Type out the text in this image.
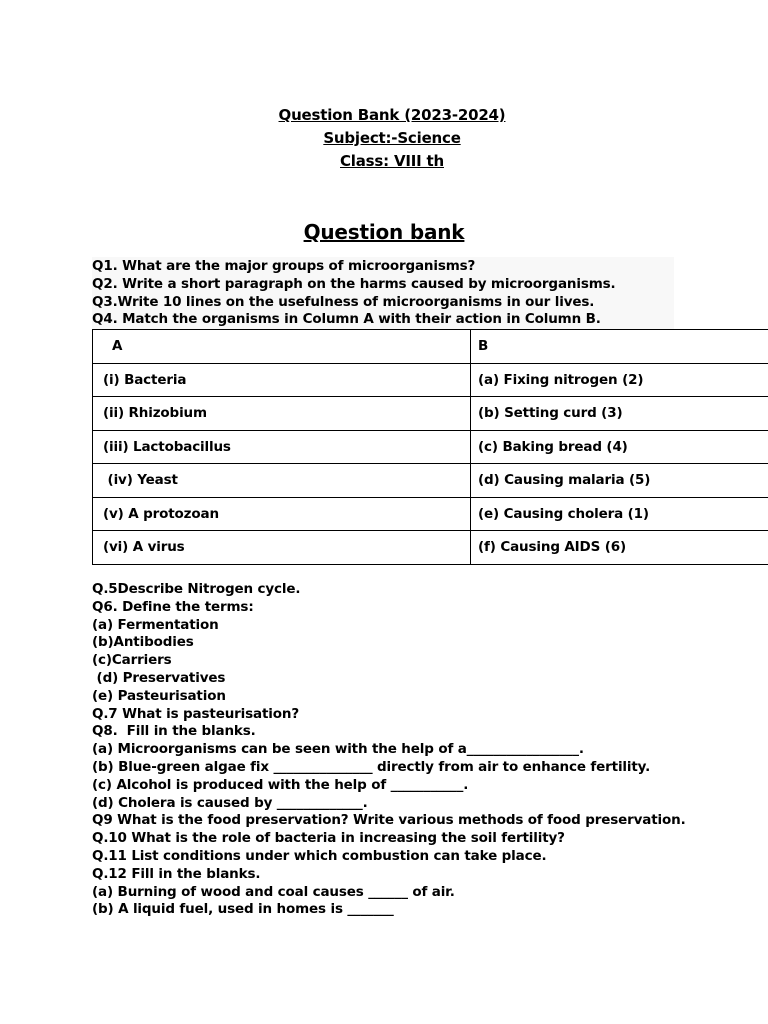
Question Bank (2023-2024)
Subject:-Science
Class: VIII th
Question bank
Q1. What are the major groups of microorganisms?
Q2. Write a short paragraph on the harms caused by microorganisms.
Q3.Write 10 lines on the usefulness of microorganisms in our lives.
Q4. Match the organisms in Column A with their action in Column B.
A	B
(i) Bacteria	(a) Fixing nitrogen (2)
(ii) Rhizobium	(b) Setting curd (3)
(iii) Lactobacillus	(c) Baking bread (4)
(iv) Yeast	(d) Causing malaria (5)
(v) A protozoan	(e) Causing cholera (1)
(vi) A virus	(f) Causing AIDS (6)
Q.5Describe Nitrogen cycle.
Q6. Define the terms:
(a) Fermentation
(b)Antibodies
(c)Carriers
(d) Preservatives
(e) Pasteurisation
Q.7 What is pasteurisation?
Q8.  Fill in the blanks.
(a) Microorganisms can be seen with the help of a_________________.
(b) Blue-green algae fix _______________ directly from air to enhance fertility.
(c) Alcohol is produced with the help of ___________.
(d) Cholera is caused by _____________.
Q9 What is the food preservation? Write various methods of food preservation.
Q.10 What is the role of bacteria in increasing the soil fertility?
Q.11 List conditions under which combustion can take place.
Q.12 Fill in the blanks.
(a) Burning of wood and coal causes ______ of air.
(b) A liquid fuel, used in homes is _______
